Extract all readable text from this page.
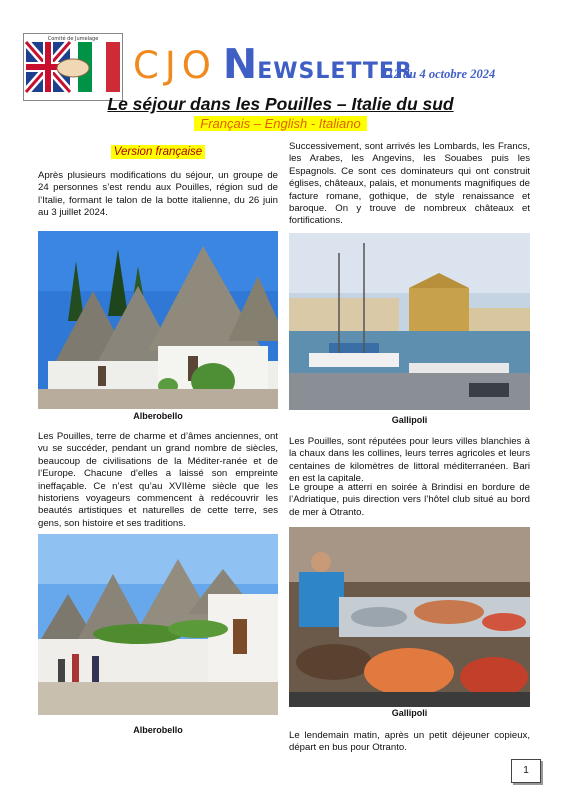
Comité de Jumelage
CJO NEWSLETTER
112 du 4 octobre 2024
Le séjour dans les Pouilles – Italie du sud
Français – English - Italiano
Version française
Après plusieurs modifications du séjour, un groupe de 24 personnes s’est rendu aux Pouilles, région sud de l’Italie, formant le talon de la botte italienne, du 26 juin au 3 juillet 2024.
Alberobello
Les Pouilles, terre de charme et d’âmes anciennes, ont vu se succéder, pendant un grand nombre de siècles, beaucoup de civilisations de la Méditer-ranée et de l’Europe. Chacune d’elles a laissé son empreinte ineffaçable. Ce n’est qu’au XVIIème siècle que les historiens voyageurs commencent à redécouvrir les beautés artistiques et naturelles de cette terre, ses gens, son histoire et ses traditions.
Alberobello
Successivement, sont arrivés les Lombards, les Francs, les Arabes, les Angevins, les Souabes puis les Espagnols. Ce sont ces dominateurs qui ont construit églises, châteaux, palais, et monuments magnifiques de facture romane, gothique, de style renaissance et baroque. On y trouve de nombreux châteaux et fortifications.
Gallipoli
Les Pouilles, sont réputées pour leurs villes blanchies à la chaux dans les collines, leurs terres agricoles et leurs centaines de kilomètres de littoral méditerranéen. Bari en est la capitale.
Le groupe a atterri en soirée à Brindisi en bordure de l’Adriatique, puis direction vers l’hôtel club situé au bord de mer à Otranto.
Gallipoli
Le lendemain matin, après un petit déjeuner copieux, départ en bus pour Otranto.
1
